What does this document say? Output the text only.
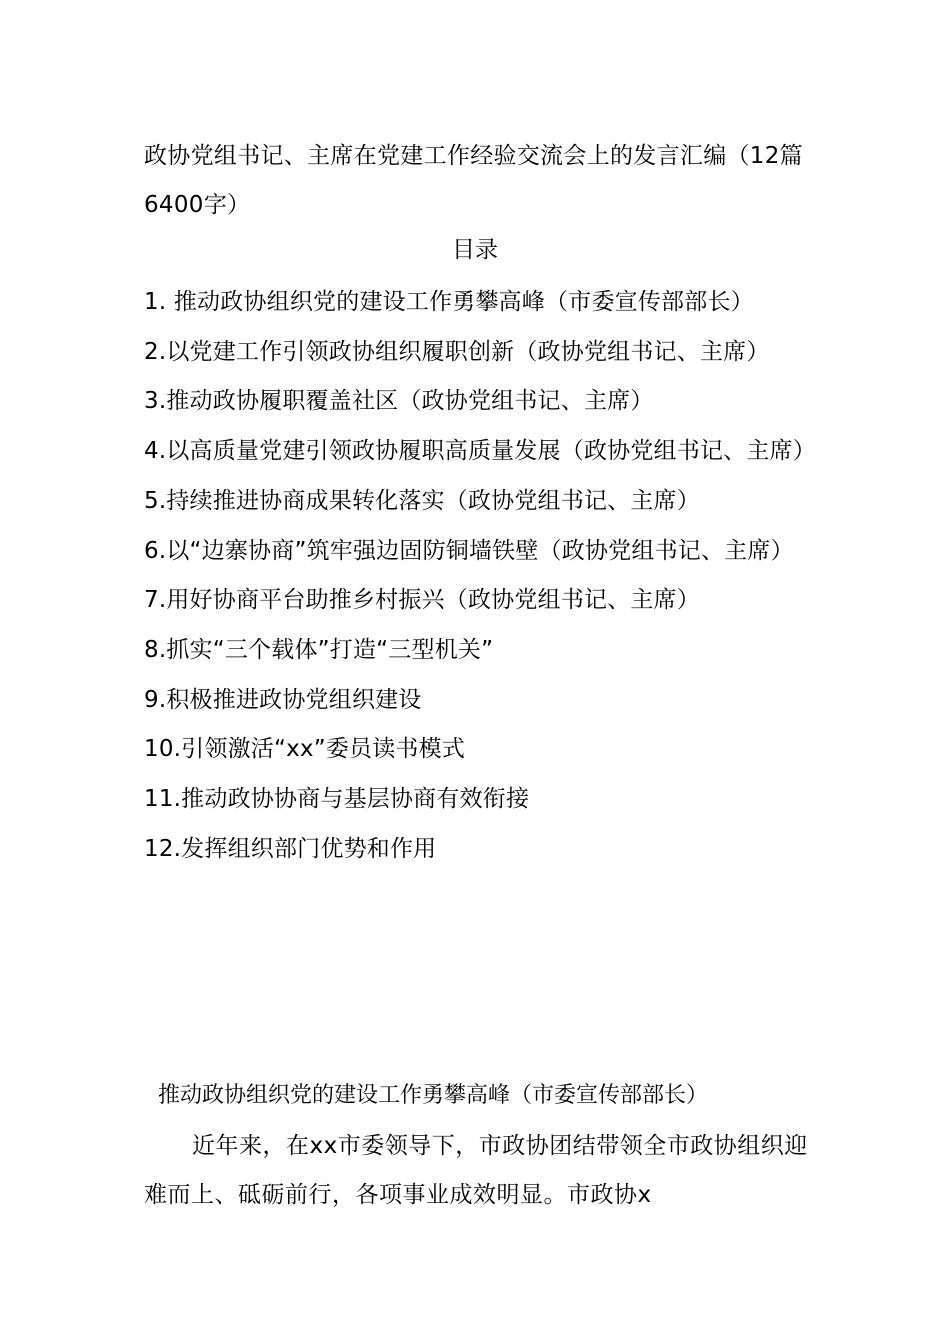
政协党组书记、主席在党建工作经验交流会上的发言汇编（12篇6400字）
目录
1. 推动政协组织党的建设工作勇攀高峰（市委宣传部部长）
2.以党建工作引领政协组织履职创新（政协党组书记、主席）
3.推动政协履职覆盖社区（政协党组书记、主席）
4.以高质量党建引领政协履职高质量发展（政协党组书记、主席）
5.持续推进协商成果转化落实（政协党组书记、主席）
6.以“边寨协商”筑牢强边固防铜墙铁壁（政协党组书记、主席）
7.用好协商平台助推乡村振兴（政协党组书记、主席）
8.抓实“三个载体”打造“三型机关”
9.积极推进政协党组织建设
10.引领激活“xx”委员读书模式
11.推动政协协商与基层协商有效衔接
12.发挥组织部门优势和作用
推动政协组织党的建设工作勇攀高峰（市委宣传部部长）
近年来，在xx市委领导下，市政协团结带领全市政协组织迎难而上、砥砺前行，各项事业成效明显。市政协x
